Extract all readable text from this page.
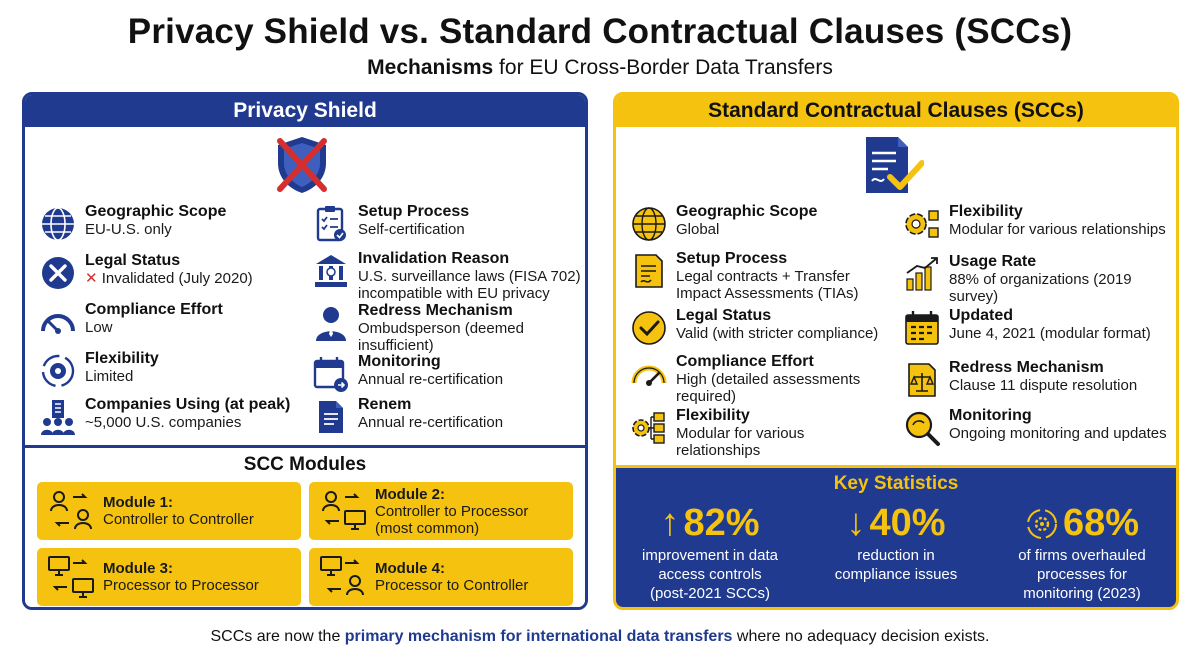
Privacy Shield vs. Standard Contractual Clauses (SCCs)
Mechanisms for EU Cross-Border Data Transfers
Privacy Shield
Geographic Scope
EU-U.S. only
Legal Status
✕ Invalidated (July 2020)
Compliance Effort
Low
Flexibility
Limited
Companies Using (at peak)
~5,000 U.S. companies
Setup Process
Self-certification
Invalidation Reason
U.S. surveillance laws (FISA 702)
incompatible with EU privacy
Redress Mechanism
Ombudsperson (deemed
insufficient)
Monitoring
Annual re-certification
Renem
Annual re-certification
SCC Modules
Module 1:
Controller to Controller
Module 2:
Controller to Processor
(most common)
Module 3:
Processor to Processor
Module 4:
Processor to Controller
Standard Contractual Clauses (SCCs)
Geographic Scope
Global
Setup Process
Legal contracts + Transfer
Impact Assessments (TIAs)
Legal Status
Valid (with stricter compliance)
Compliance Effort
High (detailed assessments
required)
Flexibility
Modular for various
relationships
Flexibility
Modular for various relationships
Usage Rate
88% of organizations (2019
survey)
Updated
June 4, 2021 (modular format)
Redress Mechanism
Clause 11 dispute resolution
Monitoring
Ongoing monitoring and updates
Key Statistics
↑ 82%
improvement in data
access controls
(post-2021 SCCs)
↓ 40%
reduction in
compliance issues
68%
of firms overhauled
processes for
monitoring (2023)
SCCs are now the primary mechanism for international data transfers where no adequacy decision exists.
